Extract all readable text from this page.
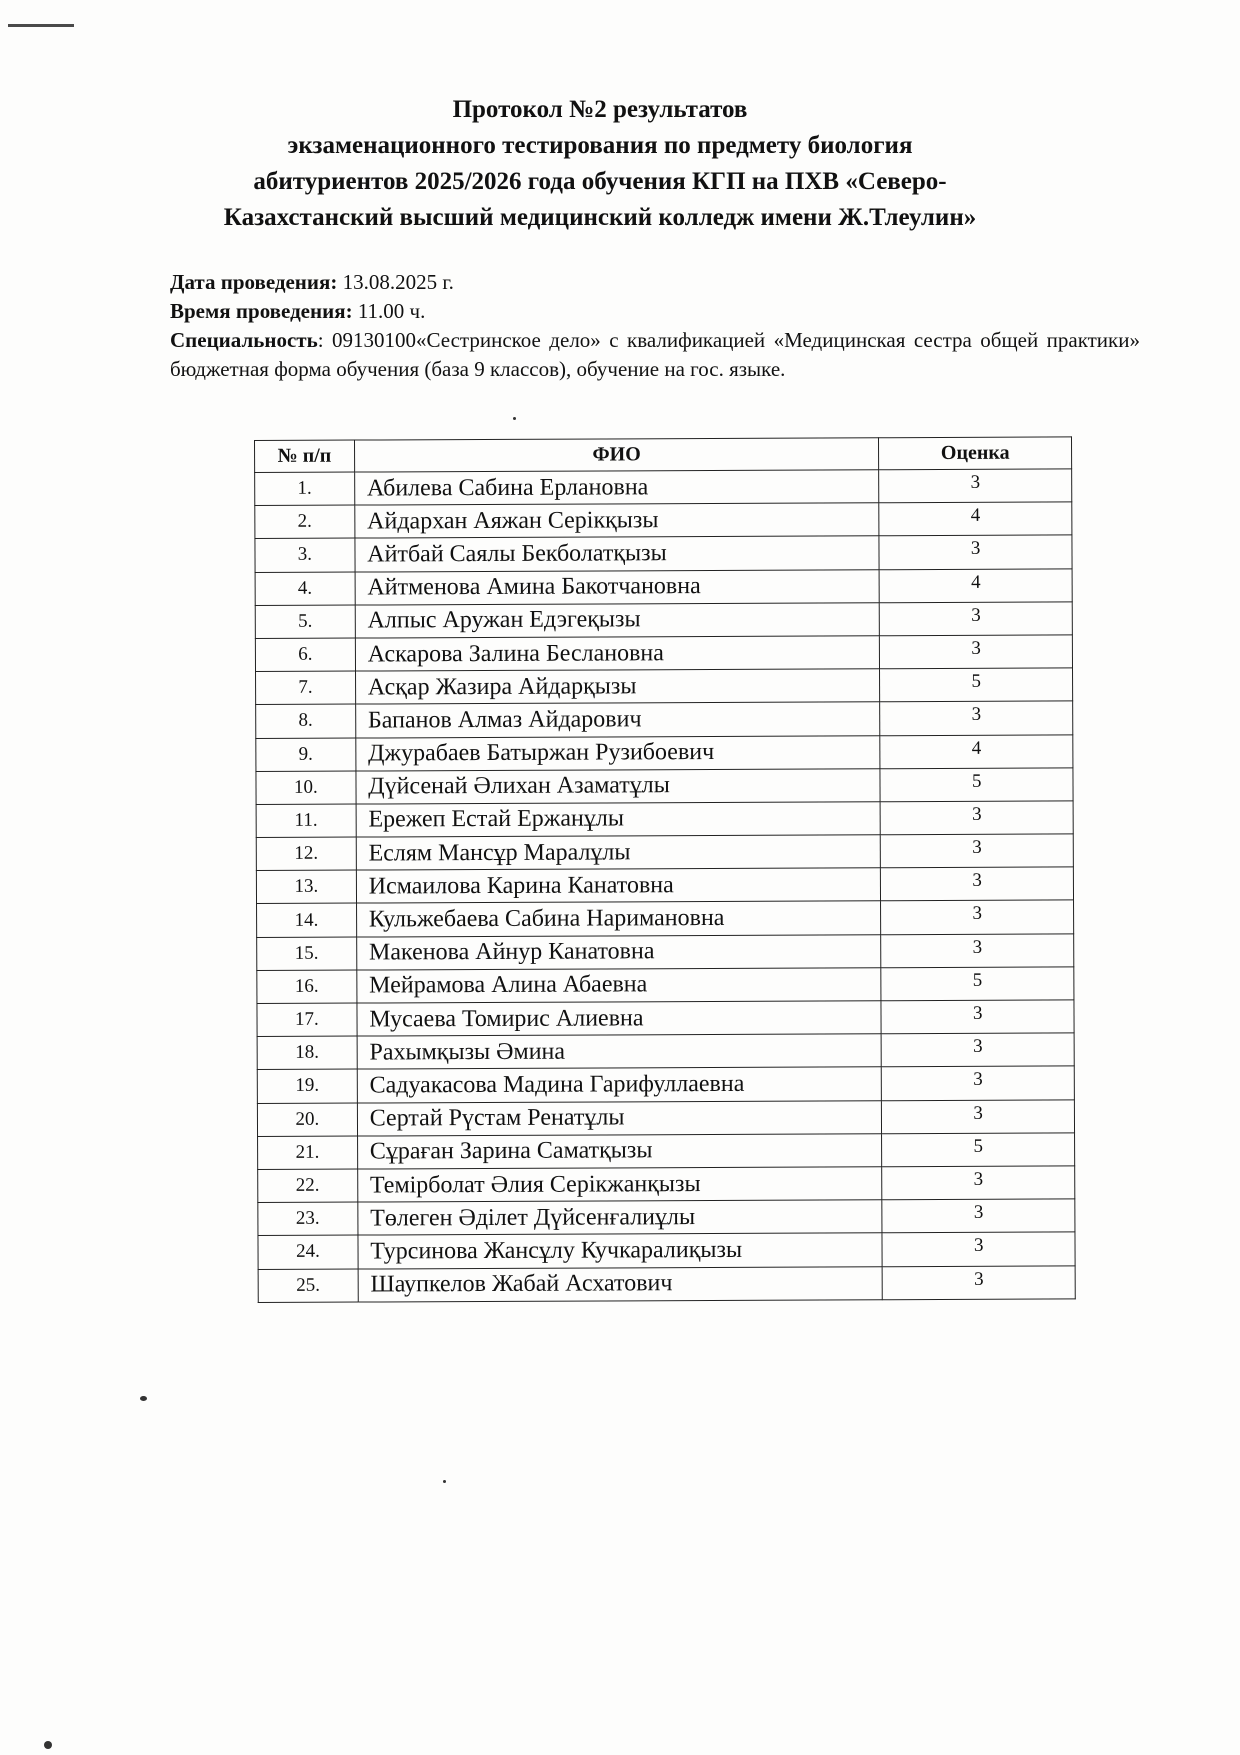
Протокол №2 результатов
экзаменационного тестирования по предмету биология
абитуриентов 2025/2026 года обучения КГП на ПХВ «Северо-
Казахстанский высший медицинский колледж имени Ж.Тлеулин»
Дата проведения: 13.08.2025 г.
Время проведения: 11.00 ч.
Специальность: 09130100«Сестринское дело» с квалификацией «Медицинская сестра общей практики» бюджетная форма обучения (база 9 классов), обучение на гос. языке.
№ п/п	ФИО	Оценка
1.	Абилева Сабина Ерлановна	3
2.	Айдархан Аяжан Серікқызы	4
3.	Айтбай Саялы Бекболатқызы	3
4.	Айтменова Амина Бакотчановна	4
5.	Алпыс Аружан Едэгеқызы	3
6.	Аскарова Залина Беслановна	3
7.	Асқар Жазира Айдарқызы	5
8.	Бапанов Алмаз Айдарович	3
9.	Джурабаев Батыржан Рузибоевич	4
10.	Дүйсенай Әлихан Азаматұлы	5
11.	Ережеп Естай Ержанұлы	3
12.	Еслям Мансұр Маралұлы	3
13.	Исмаилова Карина Канатовна	3
14.	Кульжебаева Сабина Наримановна	3
15.	Макенова Айнур Канатовна	3
16.	Мейрамова Алина Абаевна	5
17.	Мусаева Томирис Алиевна	3
18.	Рахымқызы Әмина	3
19.	Садуакасова Мадина Гарифуллаевна	3
20.	Сертай Рүстам Ренатұлы	3
21.	Сұраған Зарина Саматқызы	5
22.	Темірболат Әлия Серікжанқызы	3
23.	Төлеген Әділет Дүйсенғалиұлы	3
24.	Турсинова Жансұлу Кучкаралиқызы	3
25.	Шаупкелов Жабай Асхатович	3
